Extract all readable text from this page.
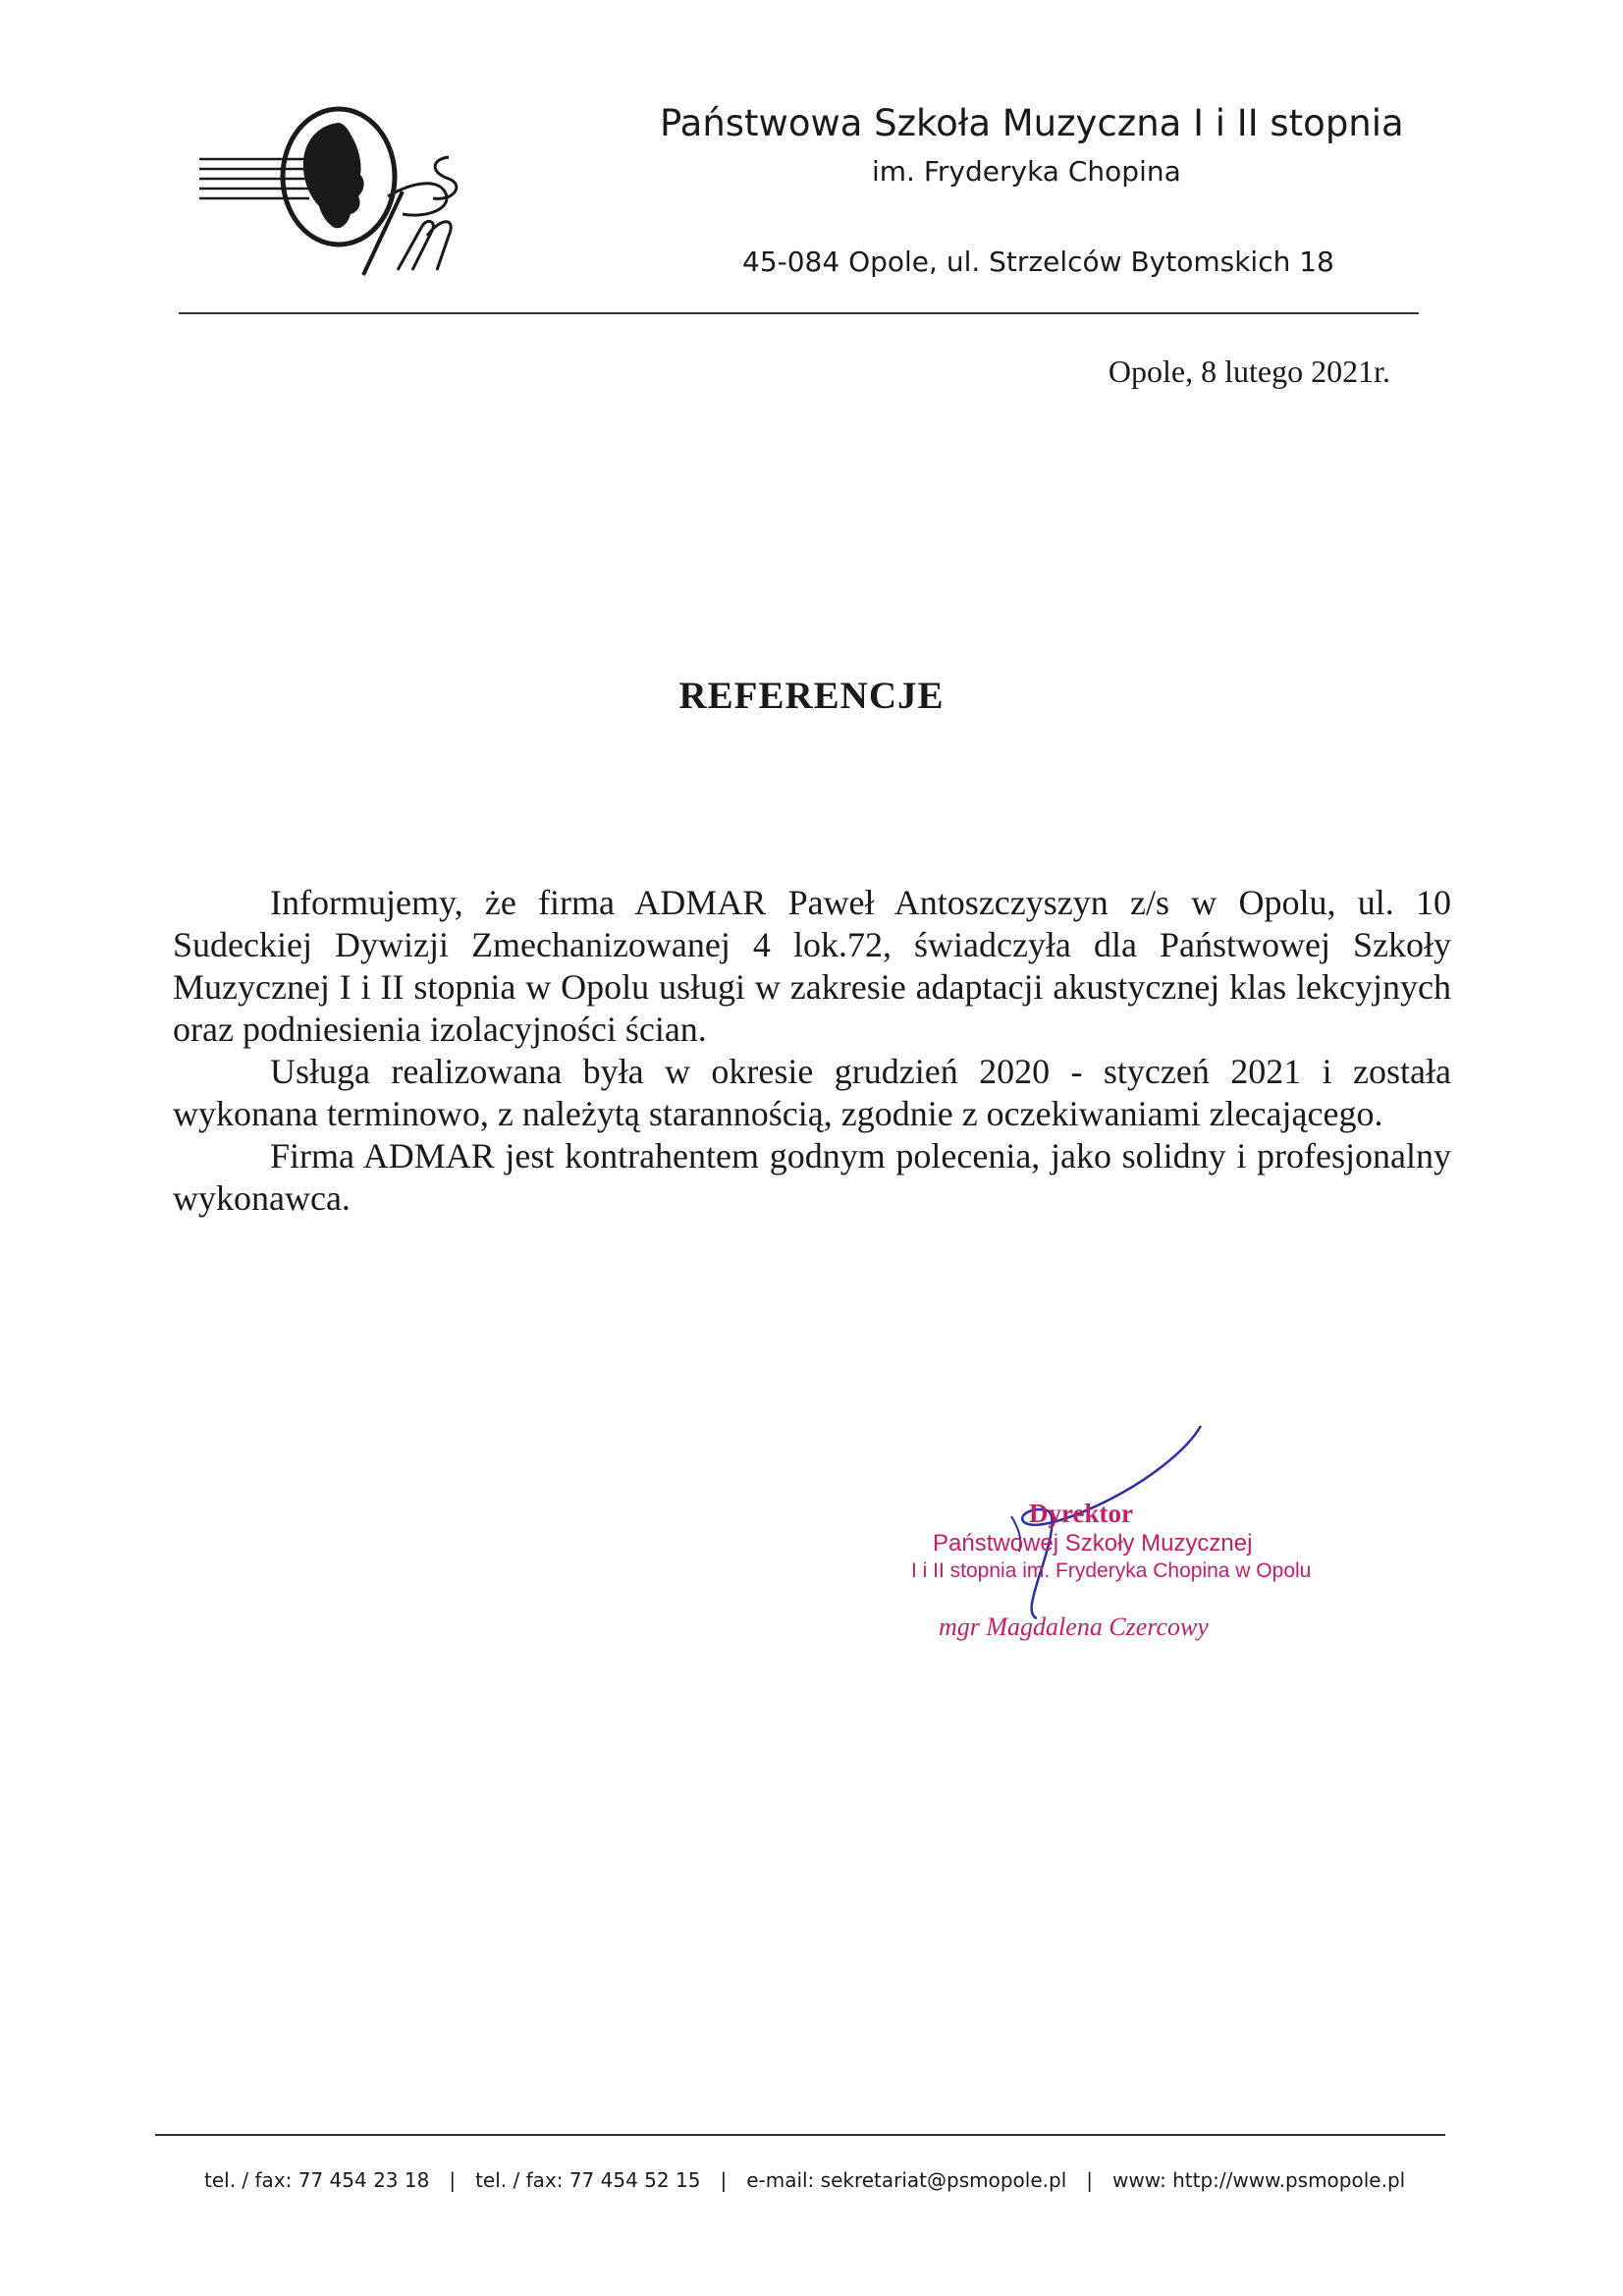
Państwowa Szkoła Muzyczna I i II stopnia
im. Fryderyka Chopina
45-084 Opole, ul. Strzelców Bytomskich 18
Opole, 8 lutego 2021r.
REFERENCJE

Informujemy, że firma ADMAR Paweł Antoszczyszyn z/s w Opolu, ul. 10 Sudeckiej Dywizji Zmechanizowanej 4 lok.72, świadczyła dla Państwowej Szkoły Muzycznej I i II stopnia w Opolu usługi w zakresie adaptacji akustycznej klas lekcyjnych oraz podniesienia izolacyjności ścian.

Usługa realizowana była w okresie grudzień 2020 - styczeń 2021 i została wykonana terminowo, z należytą starannością, zgodnie z oczekiwaniami zlecającego.

Firma ADMAR jest kontrahentem godnym polecenia, jako solidny i profesjonalny wykonawca.

Dyrektor
Państwowej Szkoły Muzycznej
I i II stopnia im. Fryderyka Chopina w Opolu
mgr Magdalena Czercowy
tel. / fax: 77 454 23 18 | tel. / fax: 77 454 52 15 | e-mail: sekretariat@psmopole.pl | www: http://www.psmopole.pl
